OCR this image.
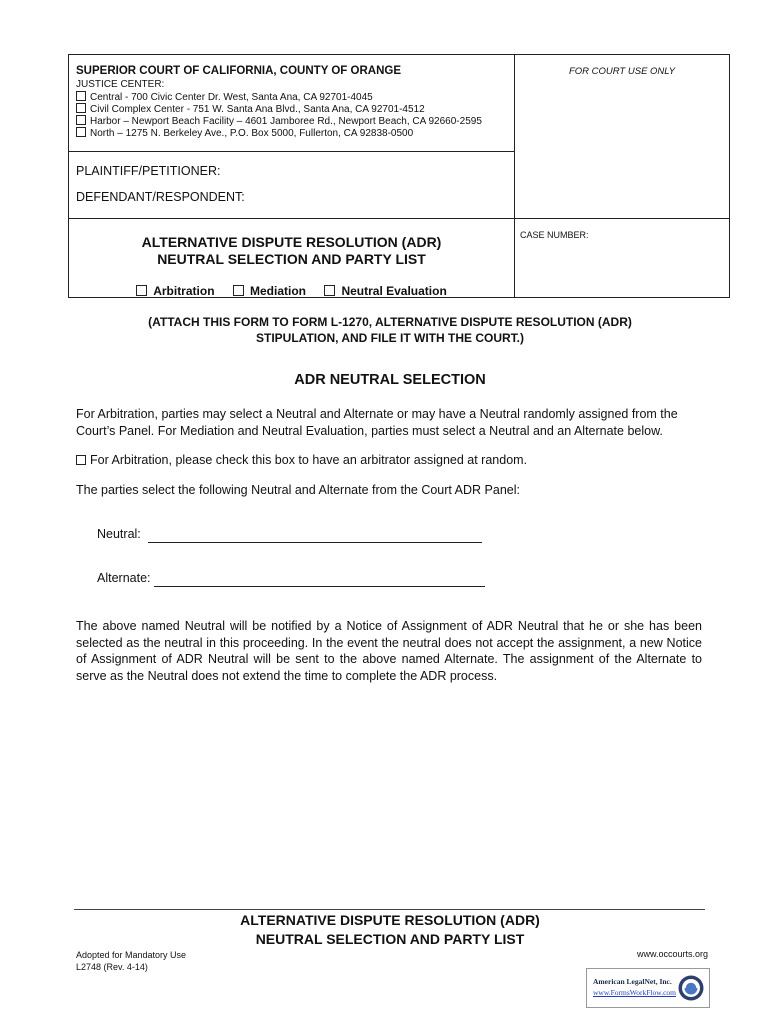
SUPERIOR COURT OF CALIFORNIA, COUNTY OF ORANGE
JUSTICE CENTER:
Central - 700 Civic Center Dr. West, Santa Ana, CA 92701-4045
Civil Complex Center - 751 W. Santa Ana Blvd., Santa Ana, CA 92701-4512
Harbor – Newport Beach Facility – 4601 Jamboree Rd., Newport Beach, CA 92660-2595
North – 1275 N. Berkeley Ave., P.O. Box 5000, Fullerton, CA 92838-0500
FOR COURT USE ONLY
CASE NUMBER:
PLAINTIFF/PETITIONER:
DEFENDANT/RESPONDENT:
ALTERNATIVE DISPUTE RESOLUTION (ADR)
NEUTRAL SELECTION AND PARTY LIST
Arbitration	Mediation	Neutral Evaluation
(ATTACH THIS FORM TO FORM L-1270, ALTERNATIVE DISPUTE RESOLUTION (ADR)
STIPULATION, AND FILE IT WITH THE COURT.)
ADR NEUTRAL SELECTION
For Arbitration, parties may select a Neutral and Alternate or may have a Neutral randomly assigned from the Court’s Panel. For Mediation and Neutral Evaluation, parties must select a Neutral and an Alternate below.
For Arbitration, please check this box to have an arbitrator assigned at random.
The parties select the following Neutral and Alternate from the Court ADR Panel:
Neutral:
Alternate:
The above named Neutral will be notified by a Notice of Assignment of ADR Neutral that he or she has been selected as the neutral in this proceeding. In the event the neutral does not accept the assignment, a new Notice of Assignment of ADR Neutral will be sent to the above named Alternate. The assignment of the Alternate to serve as the Neutral does not extend the time to complete the ADR process.
ALTERNATIVE DISPUTE RESOLUTION (ADR)
NEUTRAL SELECTION AND PARTY LIST
Adopted for Mandatory Use
L2748 (Rev. 4-14)
www.occourts.org
American LegalNet, Inc.
www.FormsWorkFlow.com
